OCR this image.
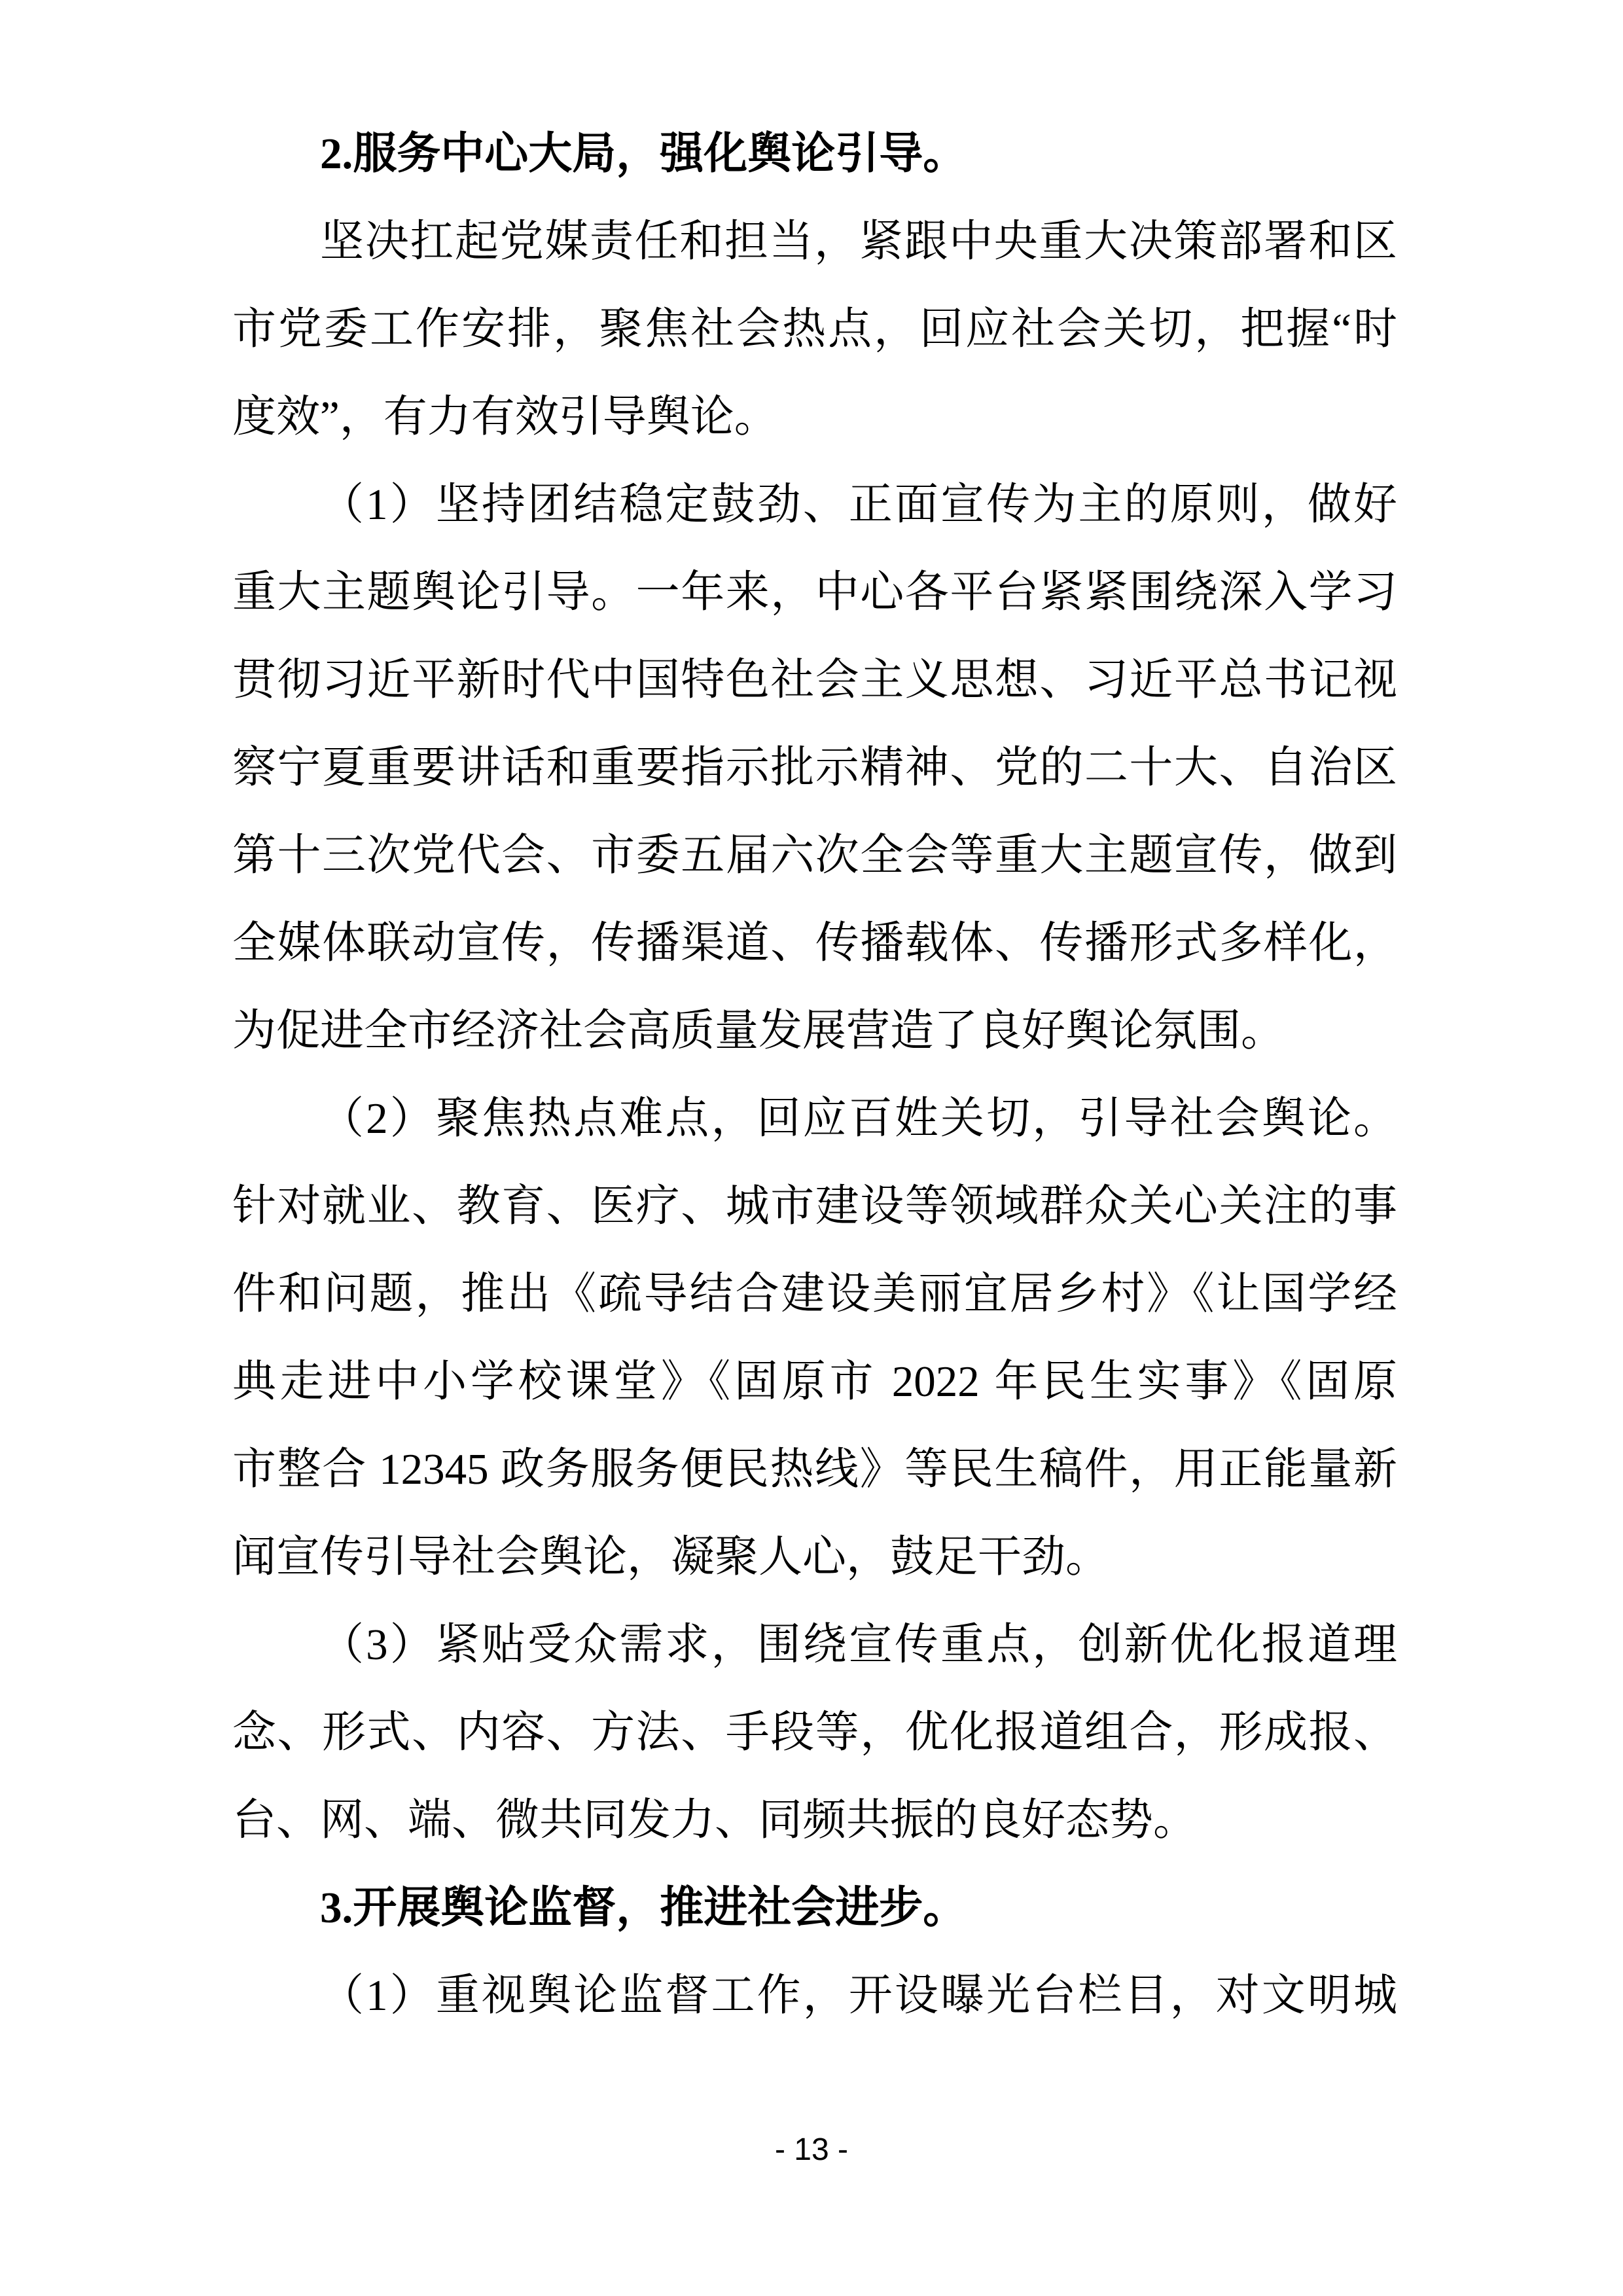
2.服务中心大局，强化舆论引导。
坚决扛起党媒责任和担当，紧跟中央重大决策部署和区
市党委工作安排，聚焦社会热点，回应社会关切，把握“时
度效”，有力有效引导舆论。
（1）坚持团结稳定鼓劲、正面宣传为主的原则，做好
重大主题舆论引导。一年来，中心各平台紧紧围绕深入学习
贯彻习近平新时代中国特色社会主义思想、习近平总书记视
察宁夏重要讲话和重要指示批示精神、党的二十大、自治区
第十三次党代会、市委五届六次全会等重大主题宣传，做到
全媒体联动宣传，传播渠道、传播载体、传播形式多样化，
为促进全市经济社会高质量发展营造了良好舆论氛围。
（2）聚焦热点难点，回应百姓关切，引导社会舆论。
针对就业、教育、医疗、城市建设等领域群众关心关注的事
件和问题，推出《疏导结合建设美丽宜居乡村》《让国学经
典走进中小学校课堂》《固原市 2022 年民生实事》《固原
市整合 12345 政务服务便民热线》等民生稿件，用正能量新
闻宣传引导社会舆论，凝聚人心，鼓足干劲。
（3）紧贴受众需求，围绕宣传重点，创新优化报道理
念、形式、内容、方法、手段等，优化报道组合，形成报、
台、网、端、微共同发力、同频共振的良好态势。
3.开展舆论监督，推进社会进步。
（1）重视舆论监督工作，开设曝光台栏目，对文明城
- 13 -
